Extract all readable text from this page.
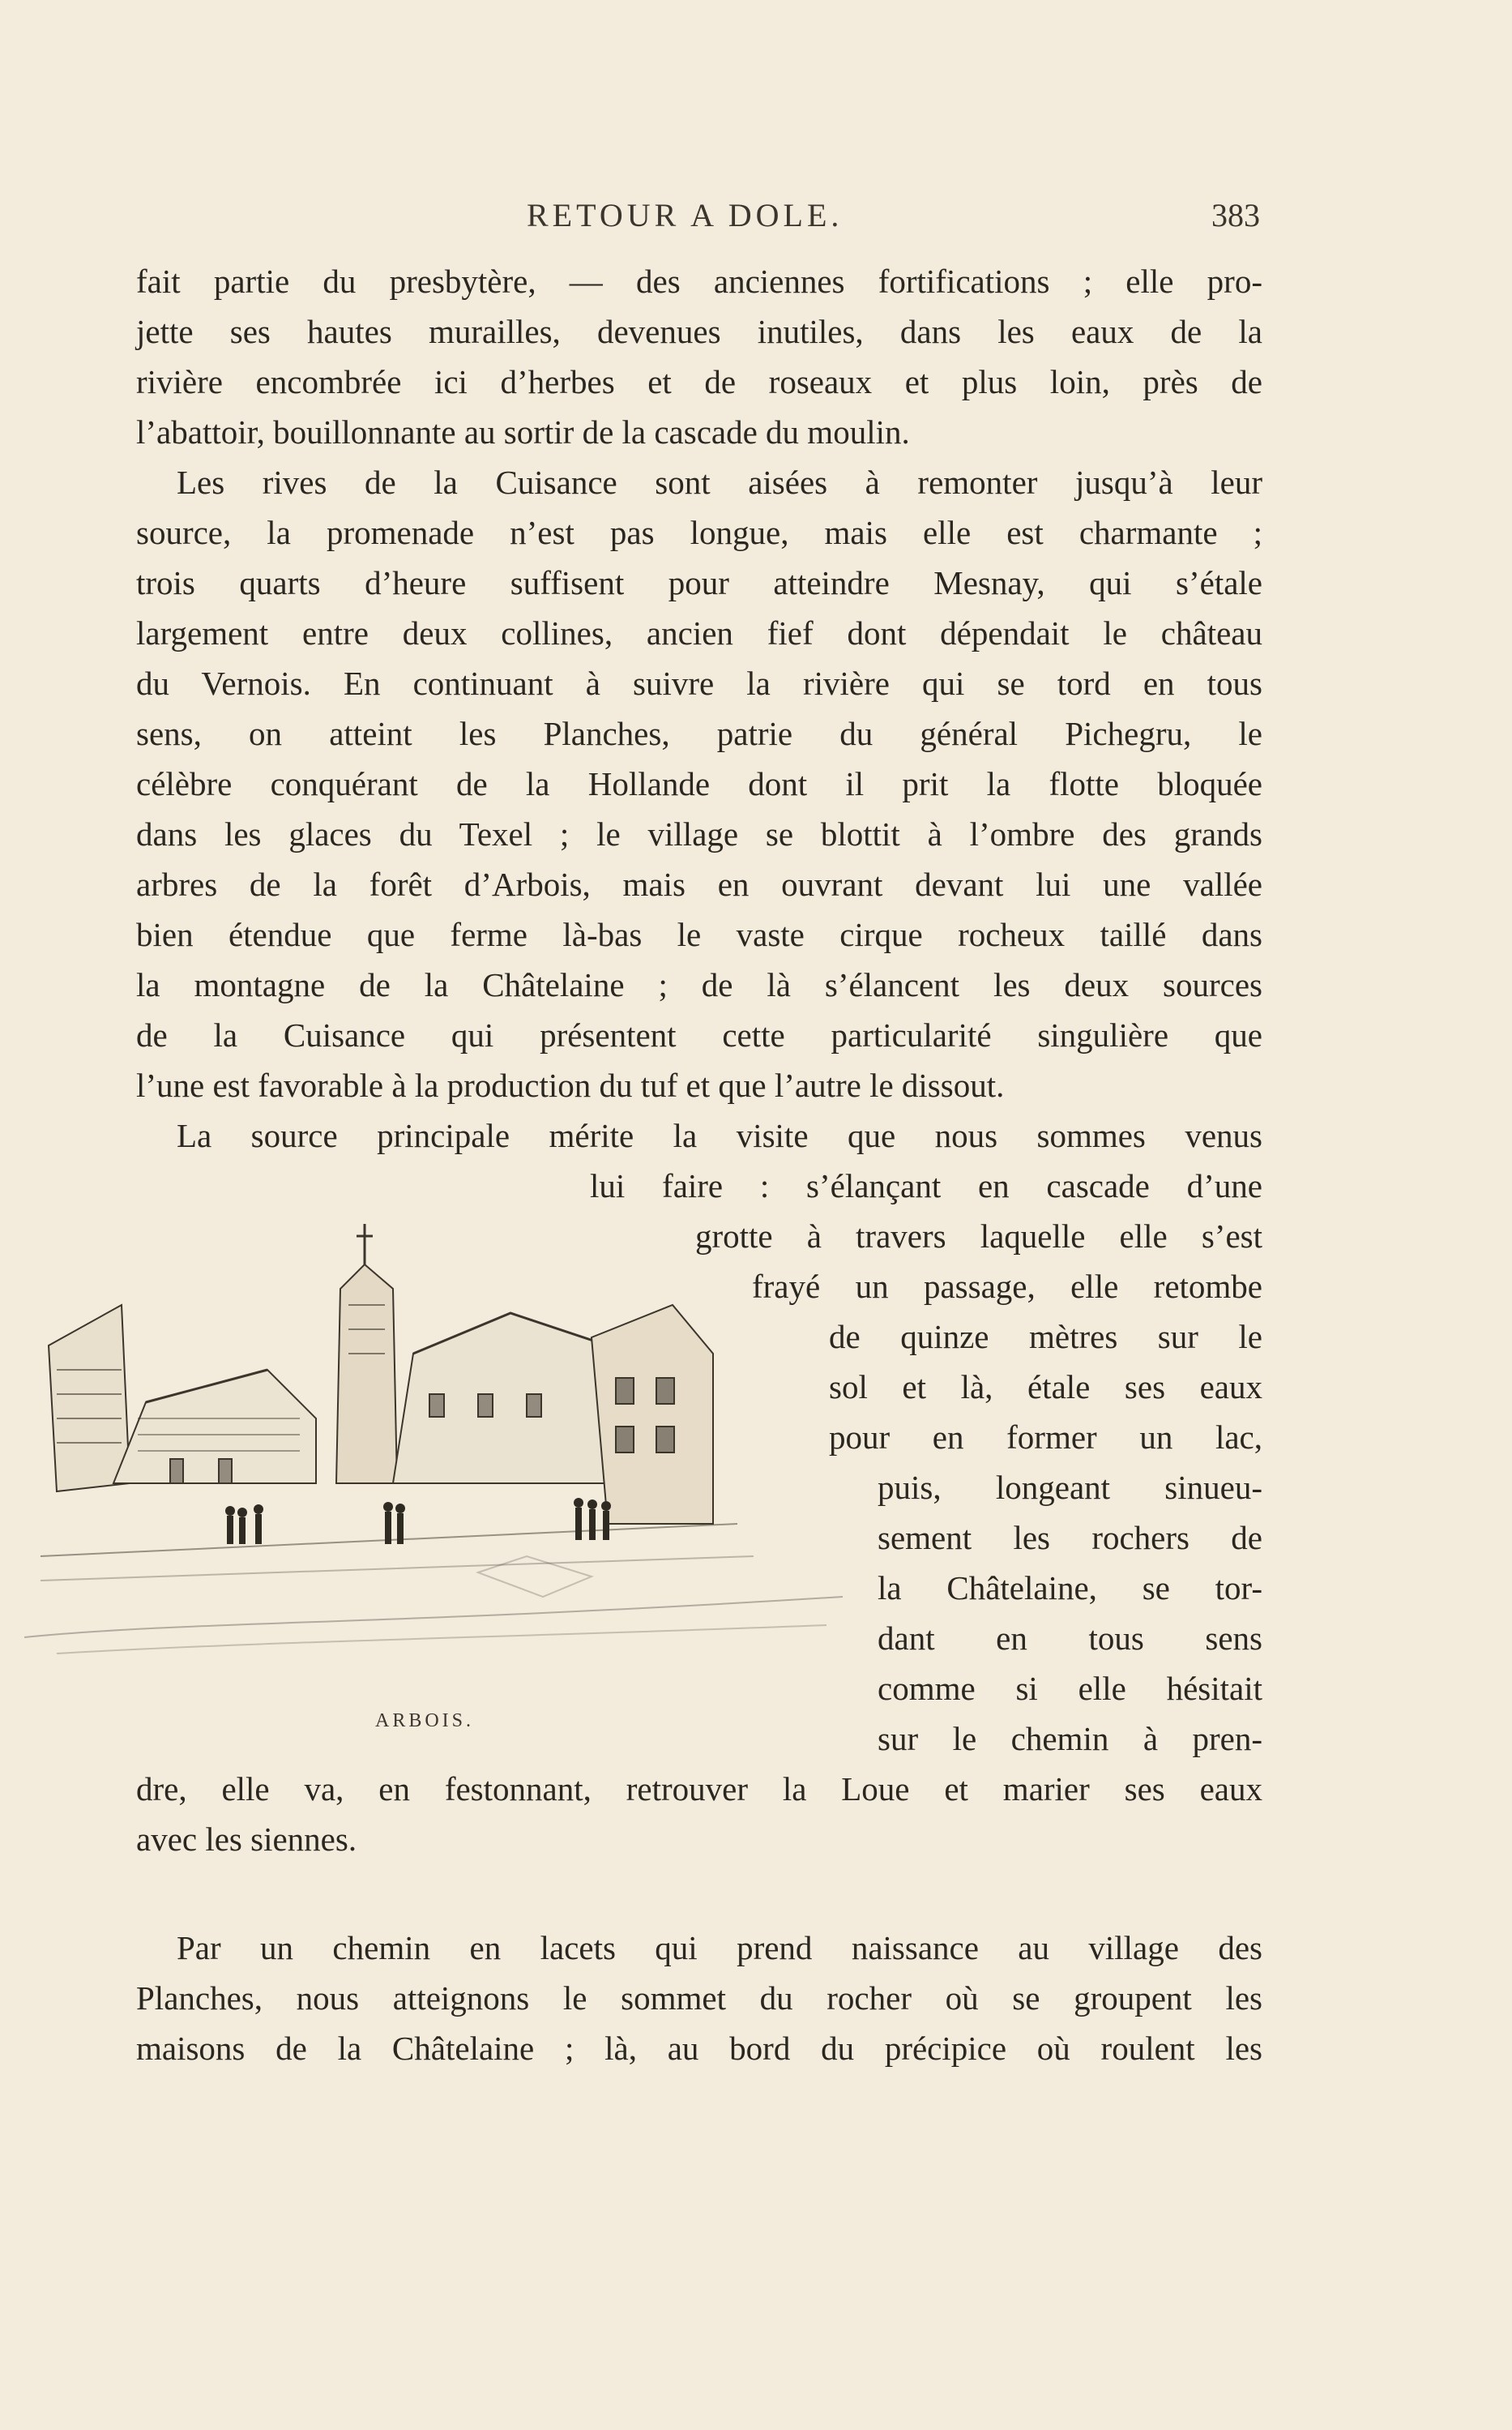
RETOUR A DOLE.	383
fait partie du presbytère, — des anciennes fortifications ; elle pro-
jette ses hautes murailles, devenues inutiles, dans les eaux de la
rivière encombrée ici d’herbes et de roseaux et plus loin, près de
l’abattoir, bouillonnante au sortir de la cascade du moulin.
Les rives de la Cuisance sont aisées à remonter jusqu’à leur
source, la promenade n’est pas longue, mais elle est charmante ;
trois quarts d’heure suffisent pour atteindre Mesnay, qui s’étale
largement entre deux collines, ancien fief dont dépendait le château
du Vernois. En continuant à suivre la rivière qui se tord en tous
sens, on atteint les Planches, patrie du général Pichegru, le
célèbre conquérant de la Hollande dont il prit la flotte bloquée
dans les glaces du Texel ; le village se blottit à l’ombre des grands
arbres de la forêt d’Arbois, mais en ouvrant devant lui une vallée
bien étendue que ferme là-bas le vaste cirque rocheux taillé dans
la montagne de la Châtelaine ; de là s’élancent les deux sources
de la Cuisance qui présentent cette particularité singulière que
l’une est favorable à la production du tuf et que l’autre le dissout.
La source principale mérite la visite que nous sommes venus
lui faire : s’élançant en cascade d’une
grotte à travers laquelle elle s’est
frayé un passage, elle retombe
de quinze mètres sur le
sol et là, étale ses eaux
pour en former un lac,
puis, longeant sinueu-
sement les rochers de
la Châtelaine, se tor-
dant en tous sens
comme si elle hésitait
sur le chemin à pren-
dre, elle va, en festonnant, retrouver la Loue et marier ses eaux
avec les siennes.
Par un chemin en lacets qui prend naissance au village des
Planches, nous atteignons le sommet du rocher où se groupent les
maisons de la Châtelaine ; là, au bord du précipice où roulent les
ARBOIS.
